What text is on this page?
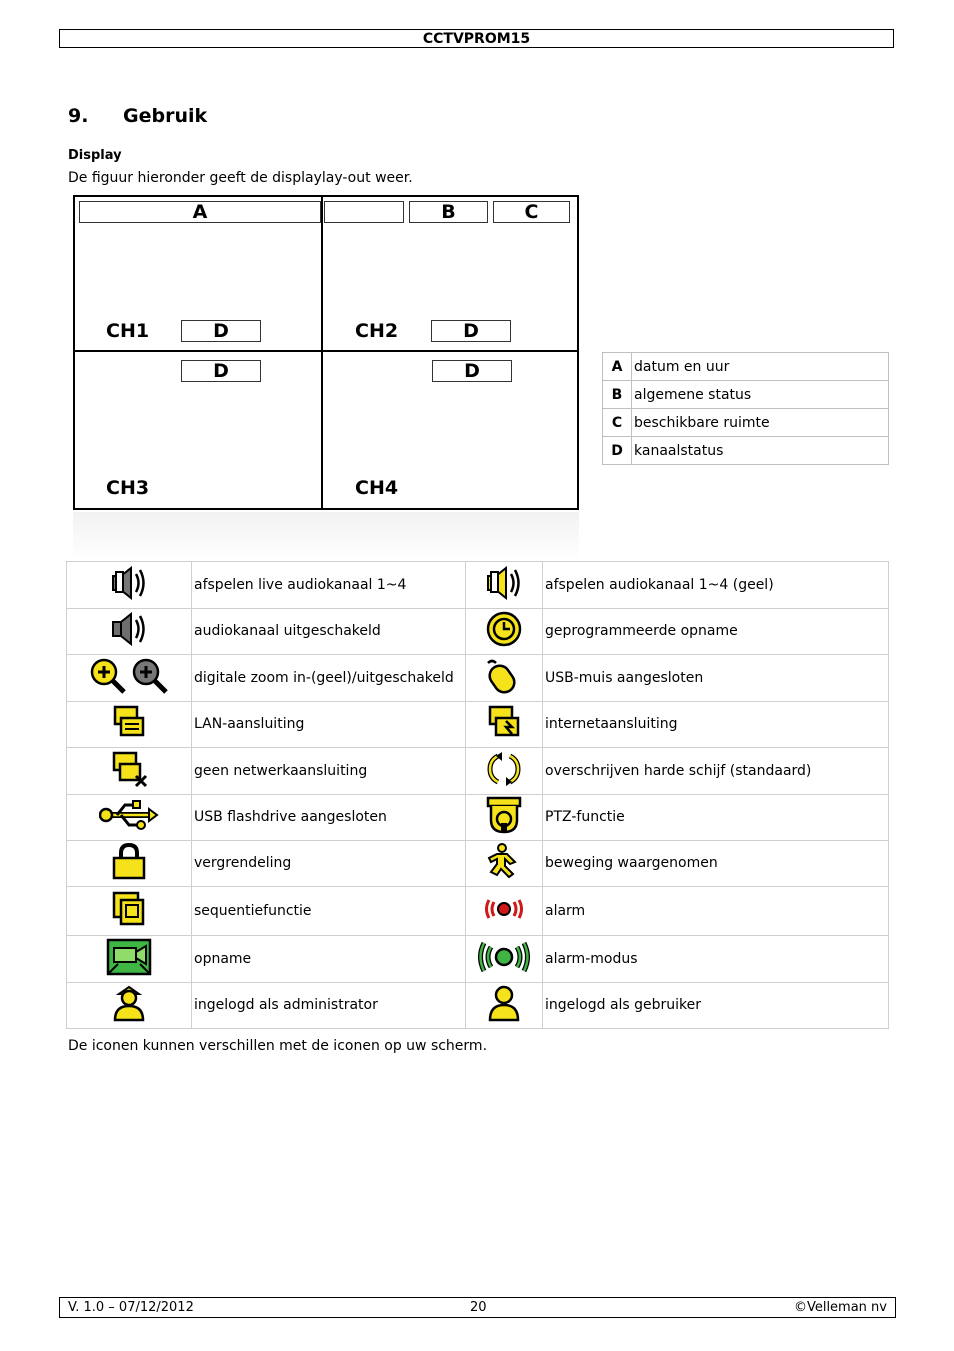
CCTVPROM15
9. Gebruik
Display
De figuur hieronder geeft de displaylay-out weer.
A	B	C
CH1	D	CH2	D
D	D
CH3	CH4
A	datum en uur
B	algemene status
C	beschikbare ruimte
D	kanaalstatus
	afspelen live audiokanaal 1~4		afspelen audiokanaal 1~4 (geel)

	audiokanaal uitgeschakeld		geprogrammeerde opname

	digitale zoom in-(geel)/uitgeschakeld		USB-muis aangesloten

	LAN-aansluiting		internetaansluiting

	geen netwerkaansluiting		overschrijven harde schijf (standaard)

	USB flashdrive aangesloten		PTZ-functie

	vergrendeling		beweging waargenomen

	sequentiefunctie		alarm

	opname		alarm-modus

	ingelogd als administrator		ingelogd als gebruiker
De iconen kunnen verschillen met de iconen op uw scherm.
V. 1.0 – 07/12/2012	20	©Velleman nv
